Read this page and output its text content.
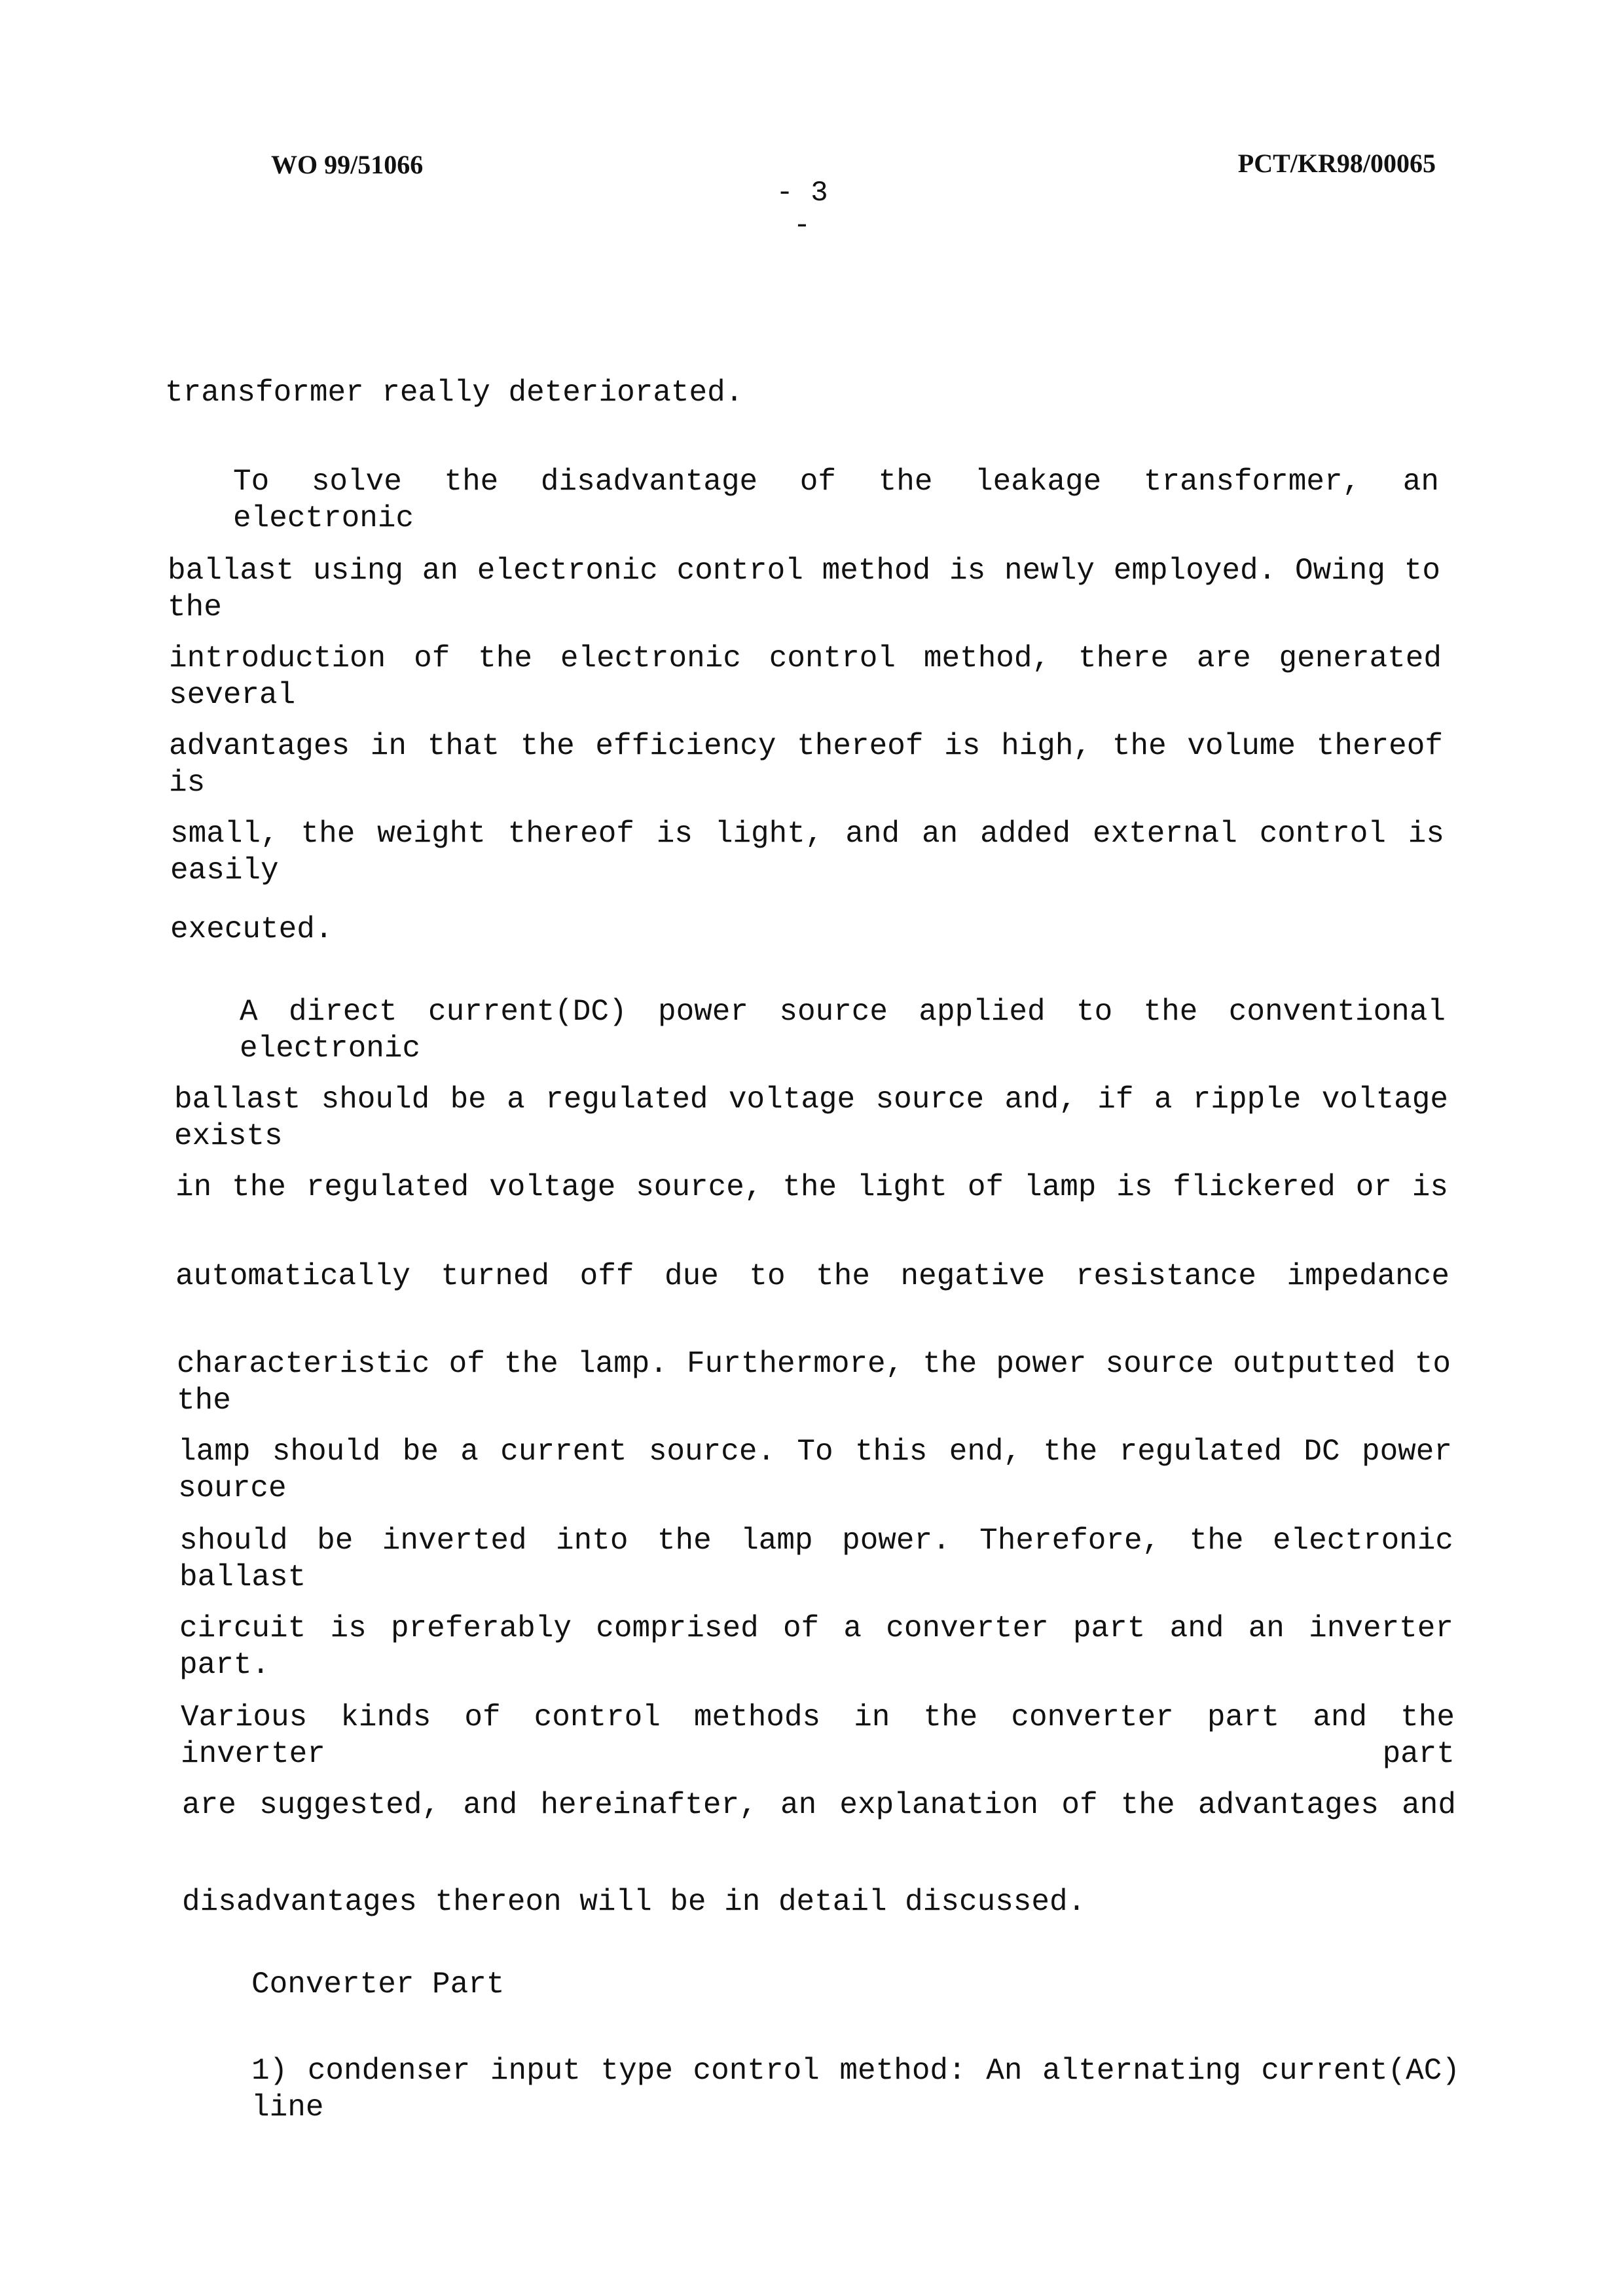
WO 99/51066
- 3 -
PCT/KR98/00065
transformer really deteriorated.
To solve the disadvantage of the leakage transformer, an electronic
ballast using an electronic control method is newly employed. Owing to the
introduction of the electronic control method, there are generated several
advantages in that the efficiency thereof is high, the volume thereof is
small, the weight thereof is light, and an added external control is easily
executed.
A direct current(DC) power source applied to the conventional electronic
ballast should be a regulated voltage source and, if a ripple voltage exists
in the regulated voltage source, the light of lamp is flickered or is
automatically turned off due to the negative resistance impedance
characteristic of the lamp. Furthermore, the power source outputted to the
lamp should be a current source. To this end, the regulated DC power source
should be inverted into the lamp power. Therefore, the electronic ballast
circuit is preferably comprised of a converter part and an inverter part.
Various kinds of control methods in the converter part and the inverter part
are suggested, and hereinafter, an explanation of the advantages and
disadvantages thereon will be in detail discussed.
Converter Part
1) condenser input type control method: An alternating current(AC) line
